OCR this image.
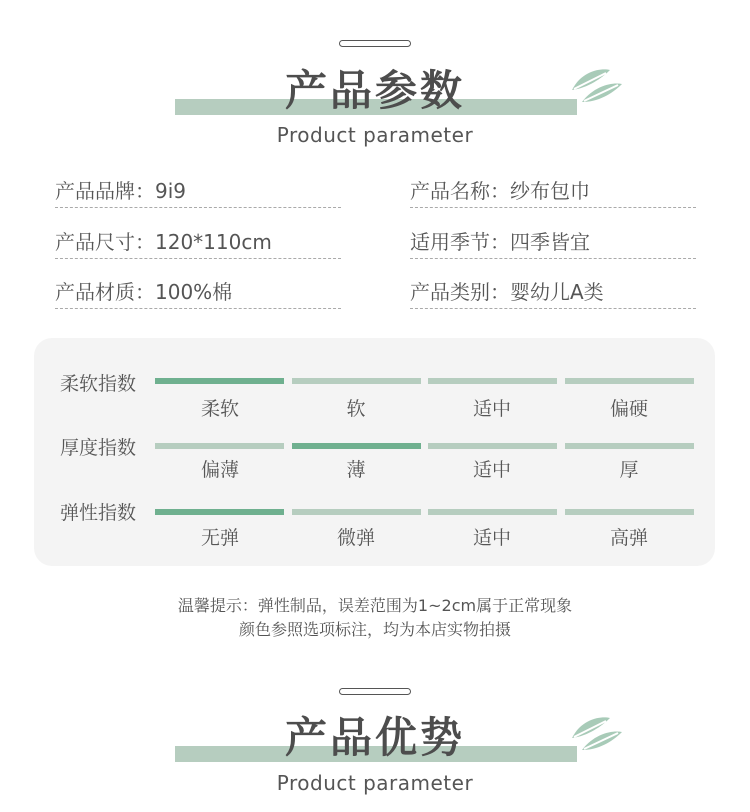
产品参数
Product parameter
产品品牌：9i9	产品名称：纱布包巾
产品尺寸：120*110cm	适用季节：四季皆宜
产品材质：100%棉	产品类别：婴幼儿A类
柔软指数
柔软	软	适中	偏硬
厚度指数
偏薄	薄	适中	厚
弹性指数
无弹	微弹	适中	高弹
温馨提示：弹性制品，误差范围为1~2cm属于正常现象
颜色参照选项标注，均为本店实物拍摄
产品优势
Product parameter
